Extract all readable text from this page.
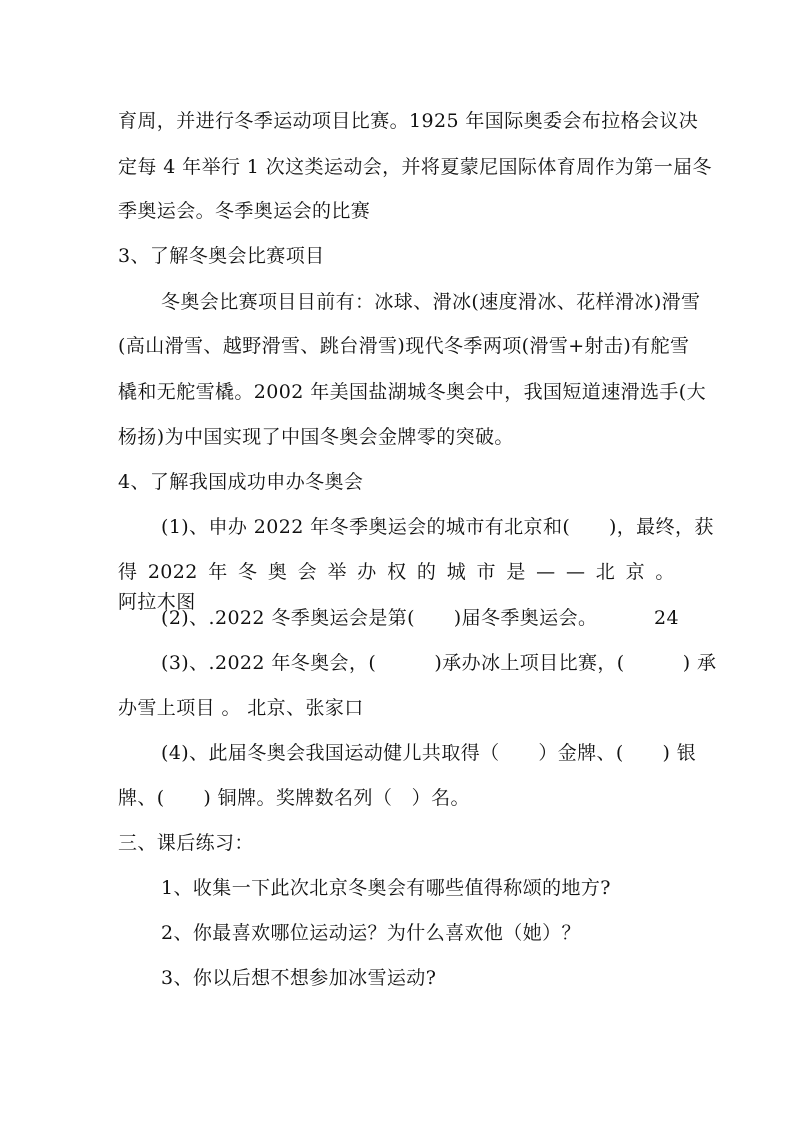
育周，并进行冬季运动项目比赛。1925 年国际奥委会布拉格会议决
定每 4 年举行 1 次这类运动会，并将夏蒙尼国际体育周作为第一届冬
季奥运会。冬季奥运会的比赛
3、了解冬奥会比赛项目
冬奥会比赛项目目前有：冰球、滑冰(速度滑冰、花样滑冰)滑雪
(高山滑雪、越野滑雪、跳台滑雪)现代冬季两项(滑雪+射击)有舵雪
橇和无舵雪橇。2002 年美国盐湖城冬奥会中，我国短道速滑选手(大
杨扬)为中国实现了中国冬奥会金牌零的突破。
4、了解我国成功申办冬奥会
(1)、申办 2022 年冬季奥运会的城市有北京和(　　)，最终，获
得 2022 年 冬 奥 会 举 办 权 的 城 市 是 — — 北 京 。
阿拉木图
(2)、.2022 冬季奥运会是第(　　)届冬季奥运会。	24
(3)、.2022 年冬奥会，(　　　)承办冰上项目比赛，(　　　) 承
办雪上项目 。 北京、张家口
(4)、此届冬奥会我国运动健儿共取得（　　）金牌、(　　) 银
牌、(　　) 铜牌。奖牌数名列（　）名。
三、课后练习：
1、收集一下此次北京冬奥会有哪些值得称颂的地方?
2、你最喜欢哪位运动运？为什么喜欢他（她）？
3、你以后想不想参加冰雪运动?
